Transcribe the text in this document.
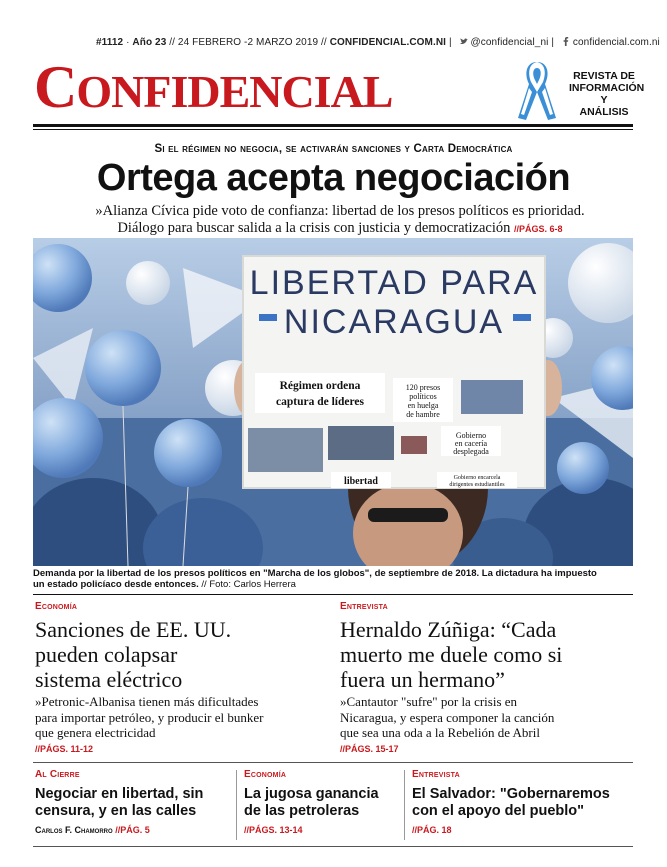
#1112 · Año 23 // 24 FEBRERO -2 MARZO 2019 // CONFIDENCIAL.COM.NI | @confidencial_ni | confidencial.com.ni
CONFIDENCIAL	REVISTA DE
INFORMACIÓN Y
ANÁLISIS
Si el régimen no negocia, se activarán sanciones y Carta Democrática
Ortega acepta negociación
»Alianza Cívica pide voto de confianza: libertad de los presos políticos es prioridad.
Diálogo para buscar salida a la crisis con justicia y democratización //PÁGS. 6-8
LIBERTAD PARA
NICARAGUA
Régimen ordena
captura de líderes
120 presos
políticos
en huelga
de hambre
Gobierno
en cacería
desplegada
libertad	Gobierno encarcela
dirigentes estudiantiles
Demanda por la libertad de los presos políticos en "Marcha de los globos", de septiembre de 2018. La dictadura ha impuesto
un estado policíaco desde entonces. // Foto: Carlos Herrera
Economía
Sanciones de EE. UU.
pueden colapsar
sistema eléctrico
»Petronic-Albanisa tienen más dificultades
para importar petróleo, y producir el bunker
que genera electricidad
//PÁGS. 11-12
Entrevista
Hernaldo Zúñiga: “Cada
muerto me duele como si
fuera un hermano”
»Cantautor "sufre" por la crisis en
Nicaragua, y espera componer la canción
que sea una oda a la Rebelión de Abril
//PÁGS. 15-17
Al Cierre
Negociar en libertad, sin
censura, y en las calles
Carlos F. Chamorro //PÁG. 5
Economía
La jugosa ganancia
de las petroleras
//PÁGS. 13-14
Entrevista
El Salvador: "Gobernaremos
con el apoyo del pueblo"
//PÁG. 18
